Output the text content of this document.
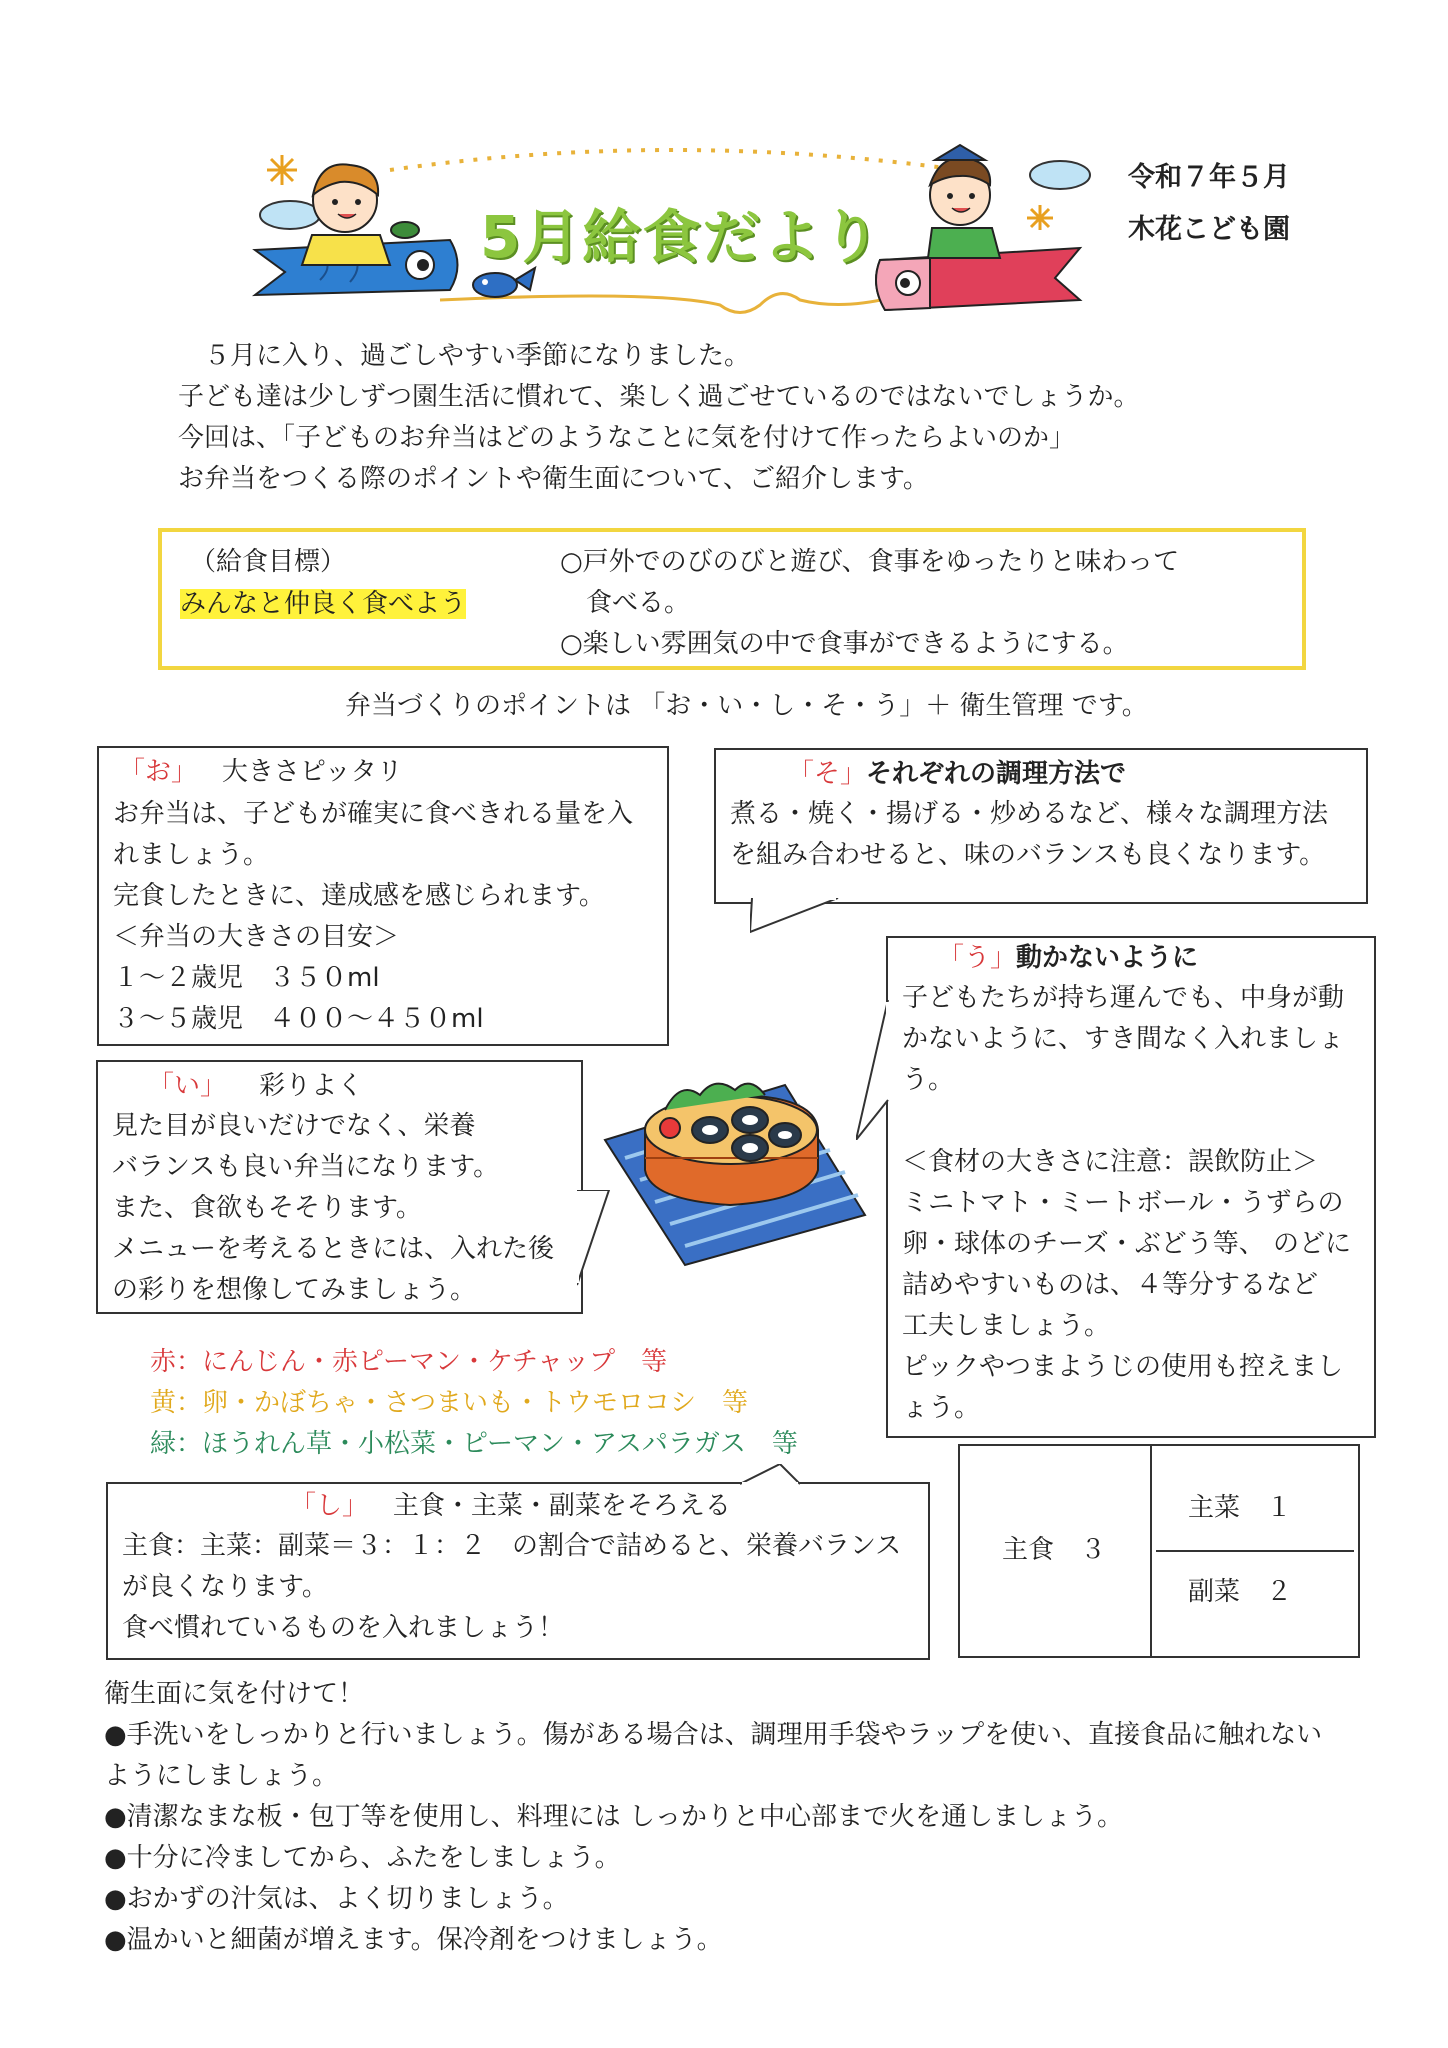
5月給食だより
令和７年５月
木花こども園
５月に入り、過ごしやすい季節になりました。
子ども達は少しずつ園生活に慣れて、楽しく過ごせているのではないでしょうか。
今回は、「子どものお弁当はどのようなことに気を付けて作ったらよいのか」
お弁当をつくる際のポイントや衛生面について、ご紹介します。
（給食目標）
みんなと仲良く食べよう
○戸外でのびのびと遊び、食事をゆったりと味わって
　食べる。
○楽しい雰囲気の中で食事ができるようにする。
弁当づくりのポイントは 「お・い・し・そ・う」＋ 衛生管理 です。
「お」 大きさピッタリ
お弁当は、子どもが確実に食べきれる量を入
れましょう。
完食したときに、達成感を感じられます。
＜弁当の大きさの目安＞
１～２歳児　３５０ml
３～５歳児　４００～４５０ml
「そ」それぞれの調理方法で
煮る・焼く・揚げる・炒めるなど、様々な調理方法
を組み合わせると、味のバランスも良くなります。
「う」動かないように
子どもたちが持ち運んでも、中身が動
かないように、すき間なく入れましょ
う。
＜食材の大きさに注意：誤飲防止＞
ミニトマト・ミートボール・うずらの
卵・球体のチーズ・ぶどう等、 のどに
詰めやすいものは、４等分するなど
工夫しましょう。
ピックやつまようじの使用も控えまし
ょう。
「い」 彩りよく
見た目が良いだけでなく、栄養
バランスも良い弁当になります。
また、食欲もそそります。
メニューを考えるときには、入れた後
の彩りを想像してみましょう。
赤：にんじん・赤ピーマン・ケチャップ　等
黄：卵・かぼちゃ・さつまいも・トウモロコシ　等
緑：ほうれん草・小松菜・ピーマン・アスパラガス　等
「し」 主食・主菜・副菜をそろえる
主食：主菜：副菜＝３：１：２　の割合で詰めると、栄養バランス
が良くなります。
食べ慣れているものを入れましょう！
主食　３
主菜　１
副菜　２
衛生面に気を付けて！
●手洗いをしっかりと行いましょう。傷がある場合は、調理用手袋やラップを使い、直接食品に触れない
ようにしましょう。
●清潔なまな板・包丁等を使用し、料理には しっかりと中心部まで火を通しましょう。
●十分に冷ましてから、ふたをしましょう。
●おかずの汁気は、よく切りましょう。
●温かいと細菌が増えます。保冷剤をつけましょう。
